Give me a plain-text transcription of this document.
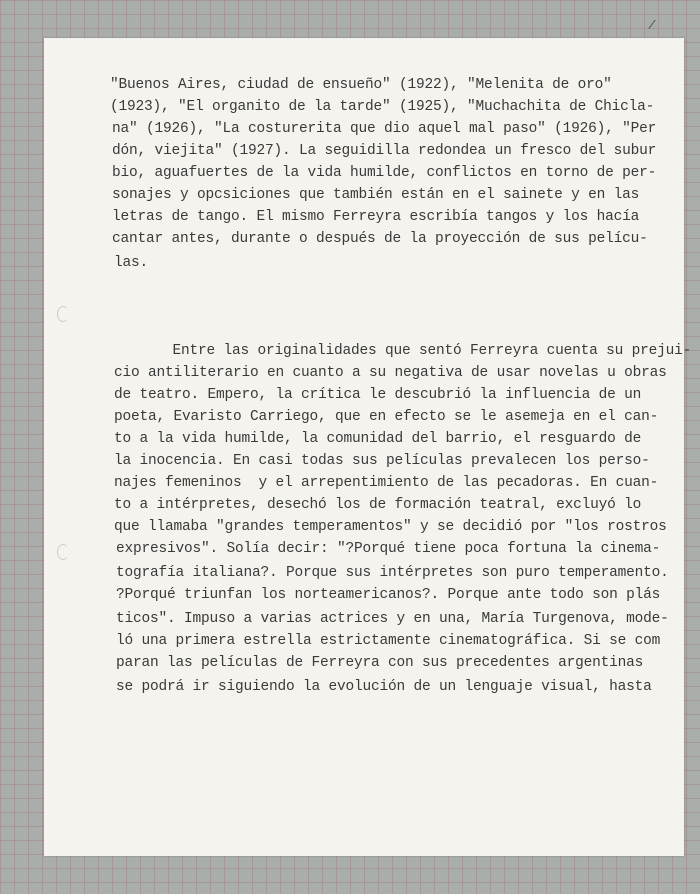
"Buenos Aires, ciudad de ensueño" (1922), "Melenita de oro"
(1923), "El organito de la tarde" (1925), "Muchachita de Chicla-
na" (1926), "La costurerita que dio aquel mal paso" (1926), "Per
dón, viejita" (1927). La seguidilla redondea un fresco del subur
bio, aguafuertes de la vida humilde, conflictos en torno de per-
sonajes y opcsiciones que también están en el sainete y en las
letras de tango. El mismo Ferreyra escribía tangos y los hacía
cantar antes, durante o después de la proyección de sus pelícu-
las.
Entre las originalidades que sentó Ferreyra cuenta su prejui-
cio antiliterario en cuanto a su negativa de usar novelas u obras
de teatro. Empero, la crítica le descubrió la influencia de un
poeta, Evaristo Carriego, que en efecto se le asemeja en el can-
to a la vida humilde, la comunidad del barrio, el resguardo de
la inocencia. En casi todas sus películas prevalecen los perso-
najes femeninos  y el arrepentimiento de las pecadoras. En cuan-
to a intérpretes, desechó los de formación teatral, excluyó lo
que llamaba "grandes temperamentos" y se decidió por "los rostros
expresivos". Solía decir: "?Porqué tiene poca fortuna la cinema-
tografía italiana?. Porque sus intérpretes son puro temperamento.
?Porqué triunfan los norteamericanos?. Porque ante todo son plás
ticos". Impuso a varias actrices y en una, María Turgenova, mode-
ló una primera estrella estrictamente cinematográfica. Si se com
paran las películas de Ferreyra con sus precedentes argentinas
se podrá ir siguiendo la evolución de un lenguaje visual, hasta
/
